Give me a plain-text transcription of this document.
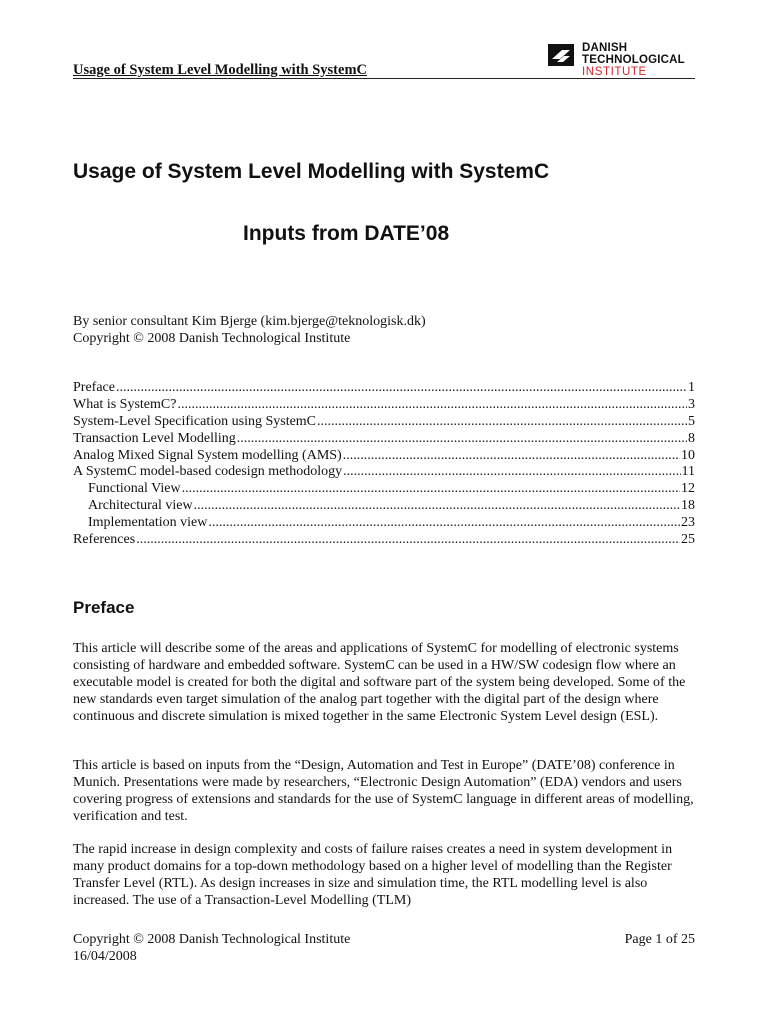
Usage of System Level Modelling with SystemC
DANISH
TECHNOLOGICAL
INSTITUTE
Usage of System Level Modelling with SystemC
Inputs from DATE’08
By senior consultant Kim Bjerge (kim.bjerge@teknologisk.dk)
Copyright © 2008 Danish Technological Institute
Preface .....	1
What is SystemC? .....	3
System-Level Specification using SystemC .....	5
Transaction Level Modelling .....	8
Analog Mixed Signal System modelling (AMS) .....	10
A SystemC model-based codesign methodology .....	11
Functional View .....	12
Architectural view .....	18
Implementation view .....	23
References .....	25
Preface
This article will describe some of the areas and applications of SystemC for modelling of electronic systems consisting of hardware and embedded software. SystemC can be used in a HW/SW codesign flow where an executable model is created for both the digital and software part of the system being developed. Some of the new standards even target simulation of the analog part together with the digital part of the design where continuous and discrete simulation is mixed together in the same Electronic System Level design (ESL).
This article is based on inputs from the “Design, Automation and Test in Europe” (DATE’08) conference in Munich. Presentations were made by researchers, “Electronic Design Automation” (EDA) vendors and users covering progress of extensions and standards for the use of SystemC language in different areas of modelling, verification and test.
The rapid increase in design complexity and costs of failure raises creates a need in system development in many product domains for a top-down methodology based on a higher level of modelling than the Register Transfer Level (RTL). As design increases in size and simulation time, the RTL modelling level is also increased. The use of a Transaction-Level Modelling (TLM)
Copyright © 2008 Danish Technological Institute
16/04/2008
Page 1 of 25
